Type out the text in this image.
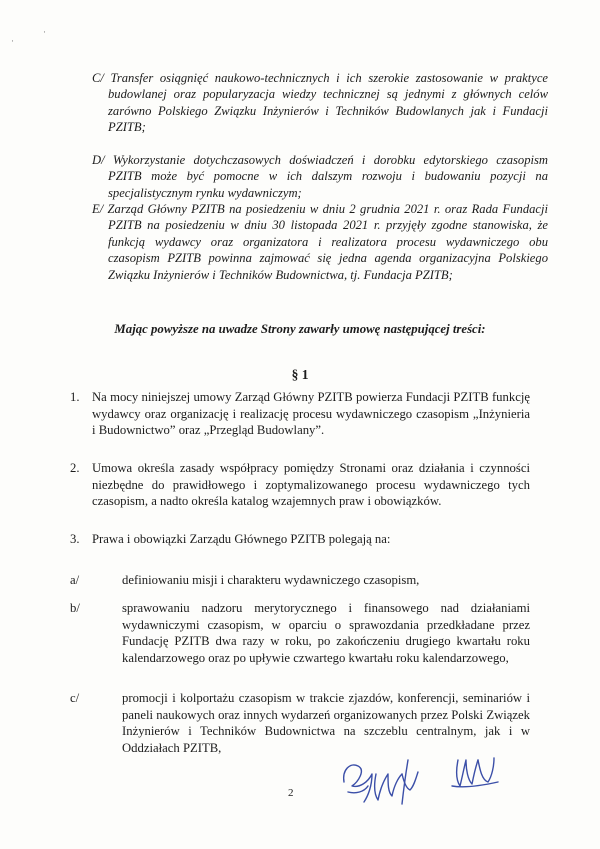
·
·

C/ Transfer osiągnięć naukowo-technicznych i ich szerokie zastosowanie w praktyce budowlanej oraz popularyzacja wiedzy technicznej są jednymi z głównych celów zarówno Polskiego Związku Inżynierów i Techników Budowlanych jak i Fundacji PZITB;

D/ Wykorzystanie dotychczasowych doświadczeń i dorobku edytorskiego czasopism PZITB może być pomocne w ich dalszym rozwoju i budowaniu pozycji na specjalistycznym rynku wydawniczym;

E/ Zarząd Główny PZITB na posiedzeniu w dniu 2 grudnia 2021 r. oraz Rada Fundacji PZITB na posiedzeniu w dniu 30 listopada 2021 r. przyjęły zgodne stanowiska, że funkcją wydawcy oraz organizatora i realizatora procesu wydawniczego obu czasopism PZITB powinna zajmować się jedna agenda organizacyjna Polskiego Związku Inżynierów i Techników Budownictwa, tj. Fundacja PZITB;

Mając powyższe na uwadze Strony zawarły umowę następującej treści:
§ 1
1. Na mocy niniejszej umowy Zarząd Główny PZITB powierza Fundacji PZITB funkcję wydawcy oraz organizację i realizację procesu wydawniczego czasopism „Inżynieria i Budownictwo” oraz „Przegląd Budowlany”.
2. Umowa określa zasady współpracy pomiędzy Stronami oraz działania i czynności niezbędne do prawidłowego i zoptymalizowanego procesu wydawniczego tych czasopism, a nadto określa katalog wzajemnych praw i obowiązków.
3. Prawa i obowiązki Zarządu Głównego PZITB polegają na:
a/	definiowaniu misji i charakteru wydawniczego czasopism,
b/	sprawowaniu nadzoru merytorycznego i finansowego nad działaniami wydawniczymi czasopism, w oparciu o sprawozdania przedkładane przez Fundację PZITB dwa razy w roku, po zakończeniu drugiego kwartału roku kalendarzowego oraz po upływie czwartego kwartału roku kalendarzowego,
c/	promocji i kolportażu czasopism w trakcie zjazdów, konferencji, seminariów i paneli naukowych oraz innych wydarzeń organizowanych przez Polski Związek Inżynierów i Techników Budownictwa na szczeblu centralnym, jak i w Oddziałach PZITB,
2
